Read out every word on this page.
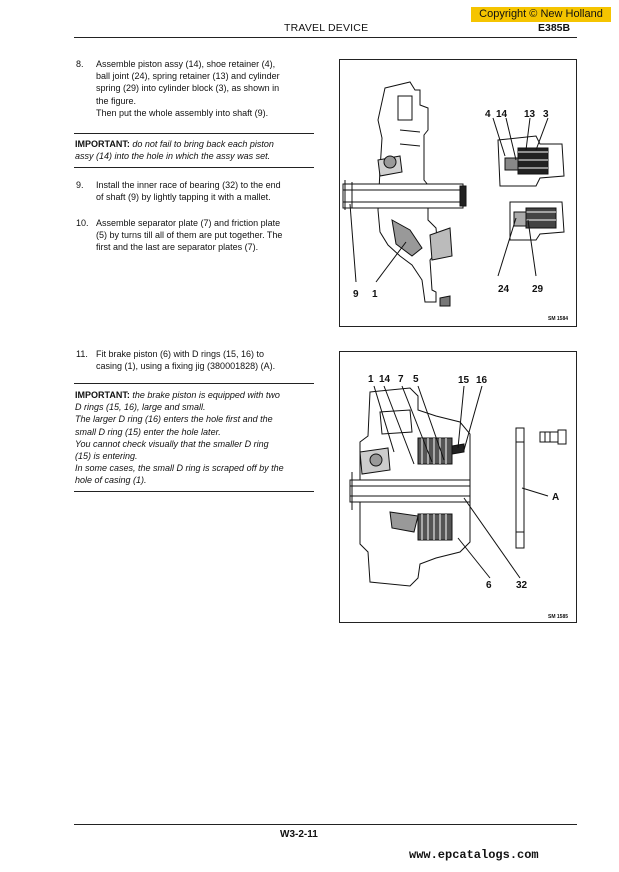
Copyright © New Holland
TRAVEL DEVICE	E385B
8. Assemble piston assy (14), shoe retainer (4),
ball joint (24), spring retainer (13) and cylinder
spring (29) into cylinder block (3), as shown in
the figure.
Then put the whole assembly into shaft (9).
IMPORTANT: do not fail to bring back each piston
assy (14) into the hole in which the assy was set.
9. Install the inner race of bearing (32) to the end
of shaft (9) by lightly tapping it with a mallet.
10. Assemble separator plate (7) and friction plate
(5) by turns till all of them are put together. The
first and the last are separator plates (7).
11. Fit brake piston (6) with D rings (15, 16) to
casing (1), using a fixing jig (380001828) (A).
IMPORTANT: the brake piston is equipped with two
D rings (15, 16), large and small.
The larger D ring (16) enters the hole first and the
small D ring (15) enter the hole later.
You cannot check visually that the smaller D ring
(15) is entering.
In some cases, the small D ring is scraped off by the
hole of casing (1).
4 14 13 3
9 1	24 29
SM 1584
1 14 7 5	15 16
A
6 32
SM 1585
W3-2-11
www.epcatalogs.com
